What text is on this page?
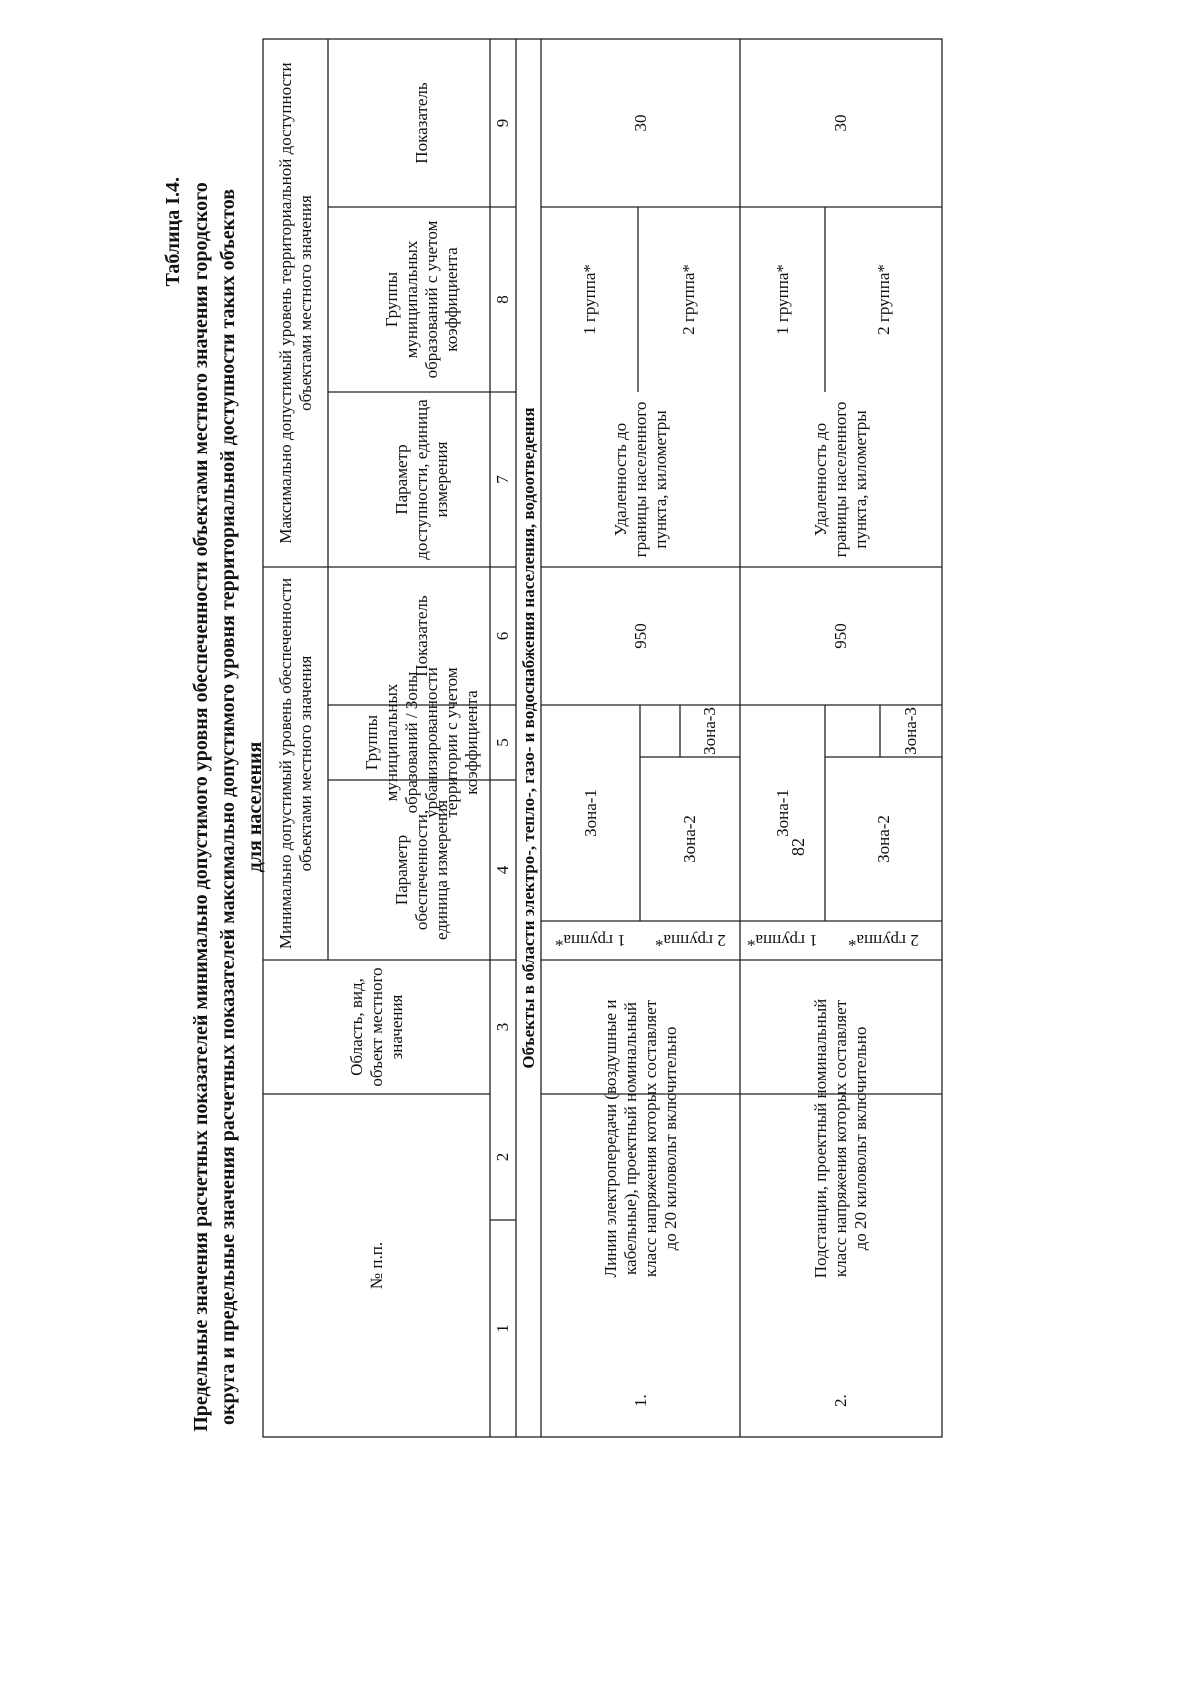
82
Таблица I.4. Предельные значения расчетных показателей минимально допустимого уровня обеспеченности объектами местного значения городского округа и предельные значения расчетных показателей максимально допустимого уровня территориальной доступности таких объектов для населения
№ п.п.
Область, вид, объект местного значения
Минимально допустимый уровень обеспеченности объектами местного значения
Максимально допустимый уровень территориальной доступности объектами местного значения
Параметр обеспеченности, единица измерения
Группы муниципальных образований / Зоны урбанизированности территории с учетом коэффициента
Показатель
Параметр доступности, единица измерения
Группы муниципальных образований с учетом коэффициента
Показатель
1
2
3
4
5
6
7
8
9
Объекты в области электро-, тепло-, газо- и водоснабжения населения, водоотведения
1.
Линии электропередачи (воздушные и кабельные), проектный номинальный класс напряжения которых составляет до 20 киловольт включительно
1 группа* 2 группа*
Зона-1
Зона-2
Зона-3
950
Удаленность до границы населенного пункта, километры
1 группа*	2 группа*
30
2.
Подстанции, проектный номинальный класс напряжения которых составляет до 20 киловольт включительно
1 группа* 2 группа*
Зона-1
Зона-2
Зона-3
950
Удаленность до границы населенного пункта, километры
1 группа*	2 группа*
30
